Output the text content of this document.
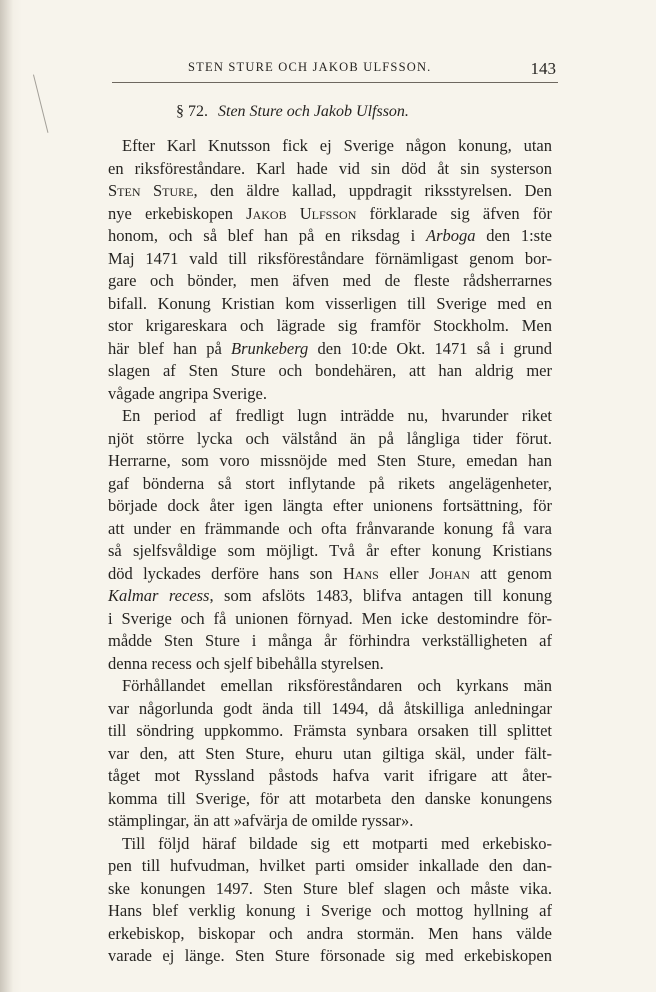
STEN STURE OCH JAKOB ULFSSON.	143
§ 72. Sten Sture och Jakob Ulfsson.
Efter Karl Knutsson fick ej Sverige någon konung, utan
en riksföreståndare. Karl hade vid sin död åt sin systerson
Sten Sture, den äldre kallad, uppdragit riksstyrelsen. Den
nye erkebiskopen Jakob Ulfsson förklarade sig äfven för
honom, och så blef han på en riksdag i Arboga den 1:ste
Maj 1471 vald till riksföreståndare förnämligast genom bor-
gare och bönder, men äfven med de fleste rådsherrarnes
bifall. Konung Kristian kom visserligen till Sverige med en
stor krigareskara och lägrade sig framför Stockholm. Men
här blef han på Brunkeberg den 10:de Okt. 1471 så i grund
slagen af Sten Sture och bondehären, att han aldrig mer
vågade angripa Sverige.
En period af fredligt lugn inträdde nu, hvarunder riket
njöt större lycka och välstånd än på långliga tider förut.
Herrarne, som voro missnöjde med Sten Sture, emedan han
gaf bönderna så stort inflytande på rikets angelägenheter,
började dock åter igen längta efter unionens fortsättning, för
att under en främmande och ofta frånvarande konung få vara
så sjelfsvåldige som möjligt. Två år efter konung Kristians
död lyckades derföre hans son Hans eller Johan att genom
Kalmar recess, som afslöts 1483, blifva antagen till konung
i Sverige och få unionen förnyad. Men icke destomindre för-
mådde Sten Sture i många år förhindra verkställigheten af
denna recess och sjelf bibehålla styrelsen.
Förhållandet emellan riksföreståndaren och kyrkans män
var någorlunda godt ända till 1494, då åtskilliga anledningar
till söndring uppkommo. Främsta synbara orsaken till splittet
var den, att Sten Sture, ehuru utan giltiga skäl, under fält-
tåget mot Ryssland påstods hafva varit ifrigare att åter-
komma till Sverige, för att motarbeta den danske konungens
stämplingar, än att »afvärja de omilde ryssar».
Till följd häraf bildade sig ett motparti med erkebisko-
pen till hufvudman, hvilket parti omsider inkallade den dan-
ske konungen 1497. Sten Sture blef slagen och måste vika.
Hans blef verklig konung i Sverige och mottog hyllning af
erkebiskop, biskopar och andra stormän. Men hans välde
varade ej länge. Sten Sture försonade sig med erkebiskopen
